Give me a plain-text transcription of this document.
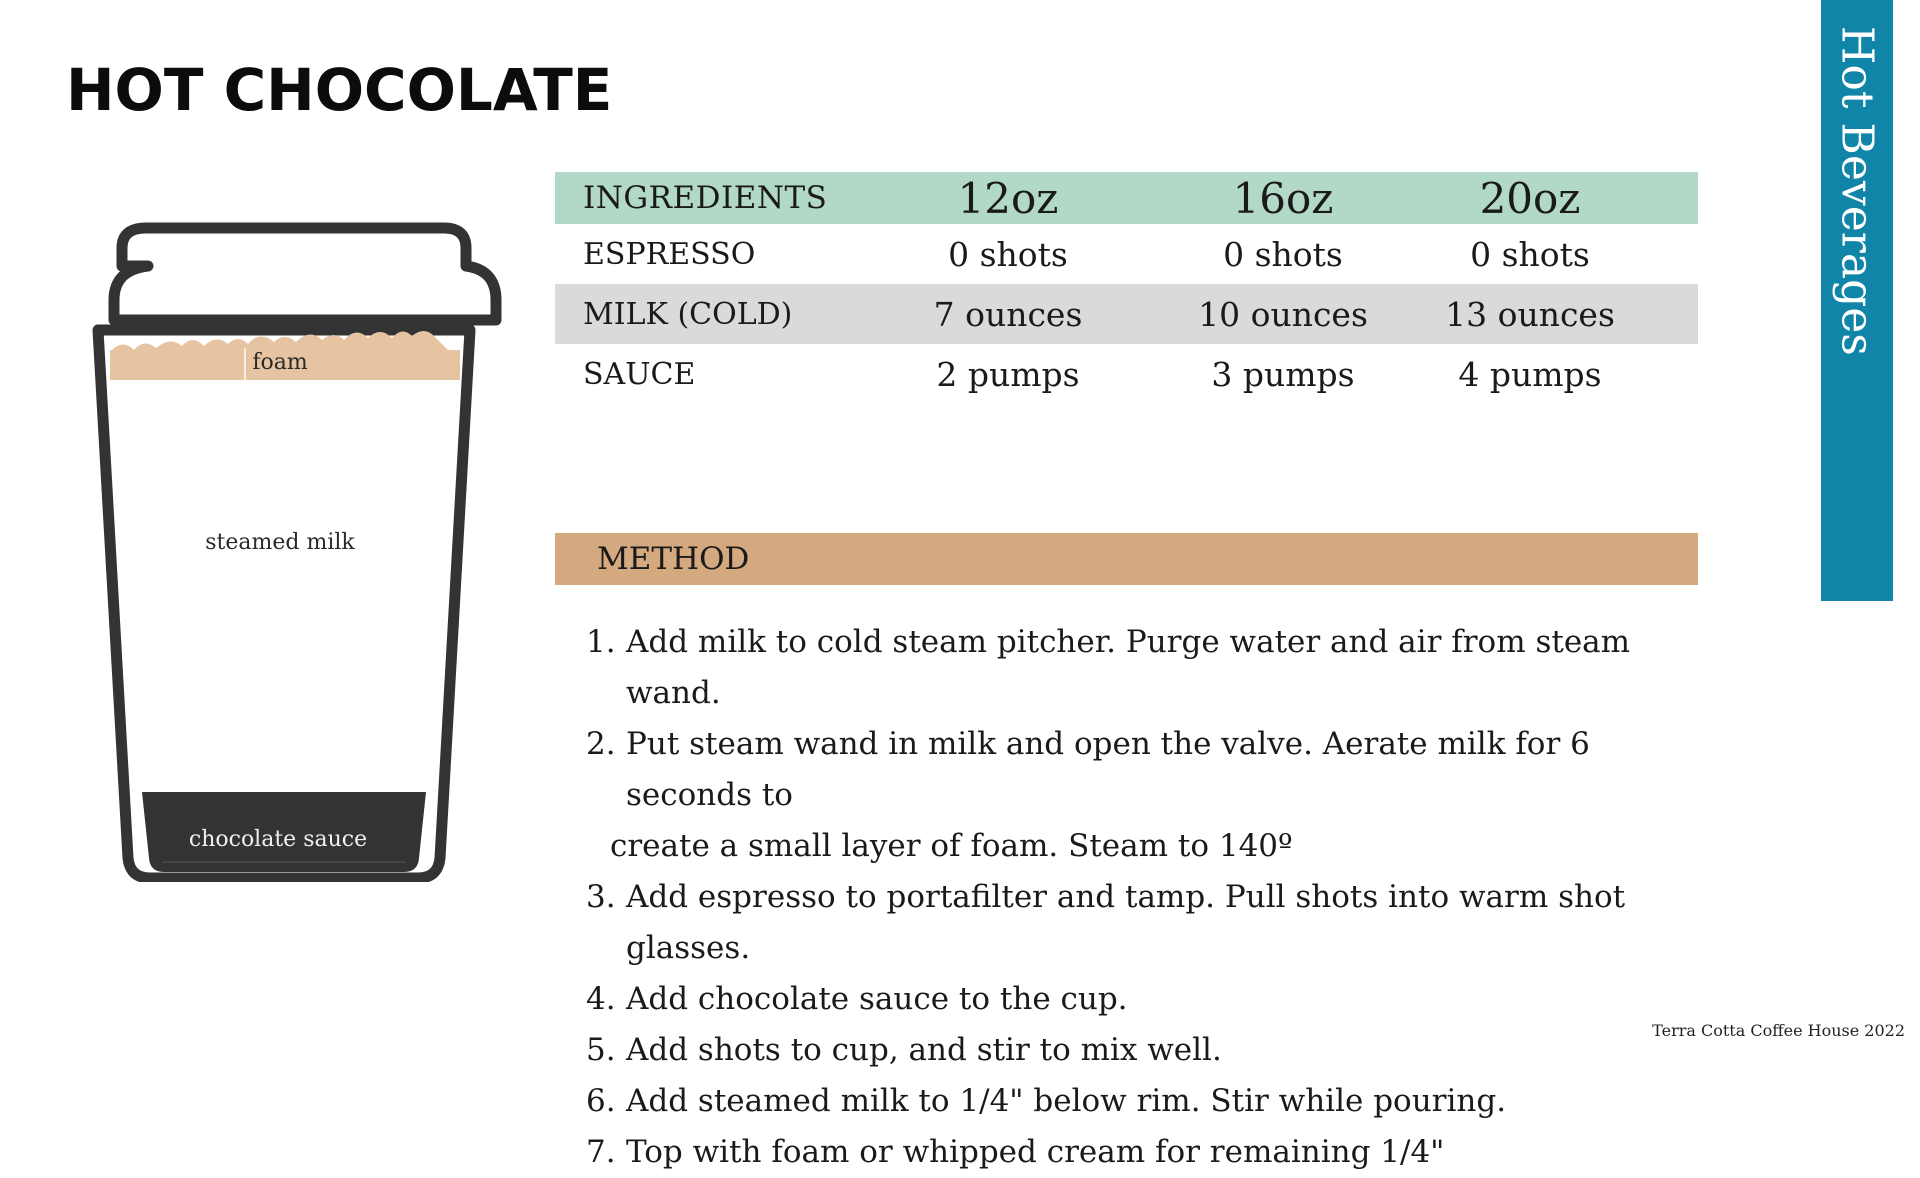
HOT CHOCOLATE
foam
steamed milk
chocolate sauce
INGREDIENTS	12oz	16oz	20oz
ESPRESSO	0 shots	0 shots	0 shots
MILK (COLD)	7 ounces	10 ounces	13 ounces
SAUCE	2 pumps	3 pumps	4 pumps
METHOD
1. Add milk to cold steam pitcher. Purge water and air from steam wand.
2. Put steam wand in milk and open the valve. Aerate milk for 6 seconds to
create a small layer of foam. Steam to 140º
3. Add espresso to portafilter and tamp. Pull shots into warm shot glasses.
4. Add chocolate sauce to the cup.
5. Add shots to cup, and stir to mix well.
6. Add steamed milk to 1/4" below rim. Stir while pouring.
7. Top with foam or whipped cream for remaining 1/4"
Hot Beverages
Terra Cotta Coffee House 2022
